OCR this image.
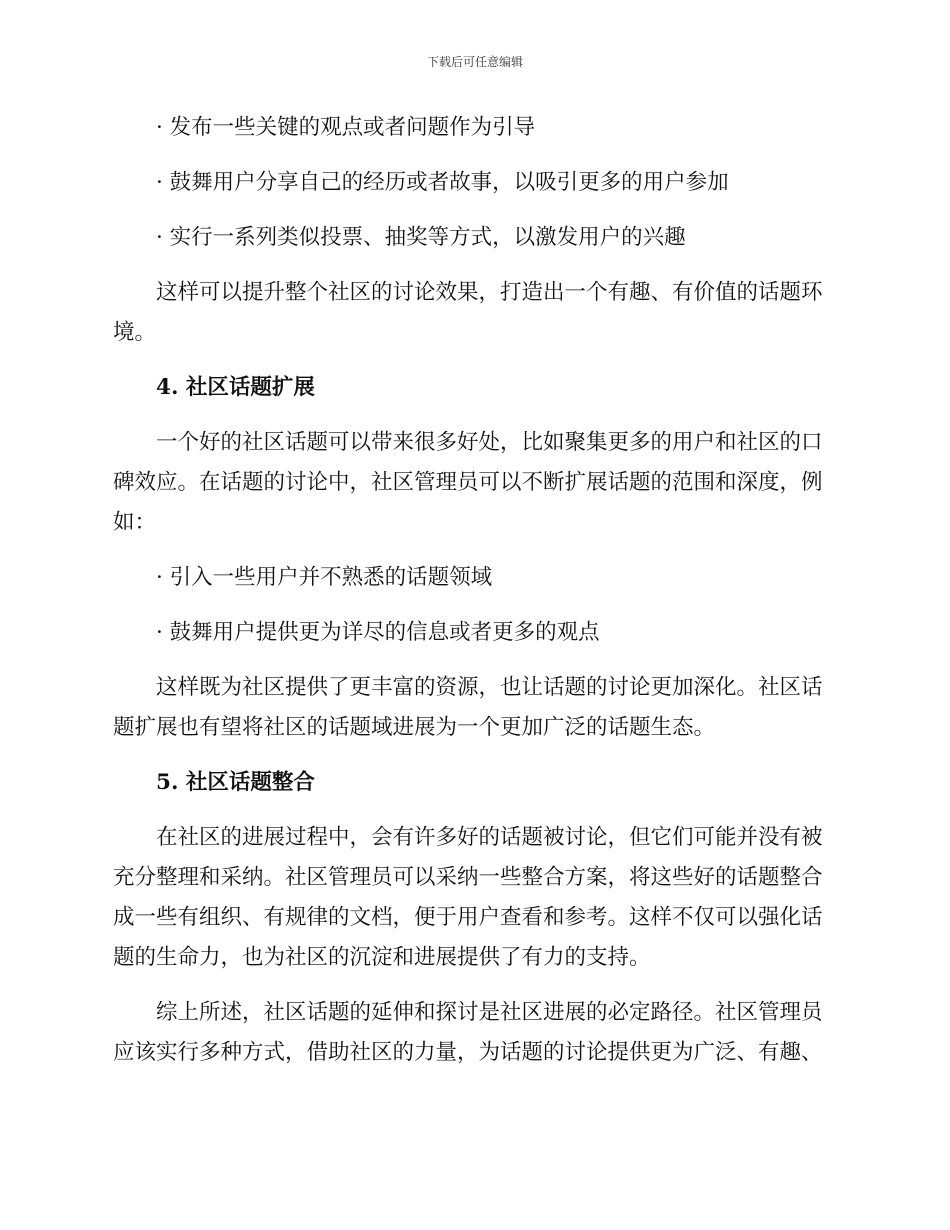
下载后可任意编辑
· 发布一些关键的观点或者问题作为引导
· 鼓舞用户分享自己的经历或者故事，以吸引更多的用户参加
· 实行一系列类似投票、抽奖等方式，以激发用户的兴趣
这样可以提升整个社区的讨论效果，打造出一个有趣、有价值的话题环
境。
4. 社区话题扩展
一个好的社区话题可以带来很多好处，比如聚集更多的用户和社区的口
碑效应。在话题的讨论中，社区管理员可以不断扩展话题的范围和深度，例
如：
· 引入一些用户并不熟悉的话题领域
· 鼓舞用户提供更为详尽的信息或者更多的观点
这样既为社区提供了更丰富的资源，也让话题的讨论更加深化。社区话
题扩展也有望将社区的话题域进展为一个更加广泛的话题生态。
5. 社区话题整合
在社区的进展过程中，会有许多好的话题被讨论，但它们可能并没有被
充分整理和采纳。社区管理员可以采纳一些整合方案，将这些好的话题整合
成一些有组织、有规律的文档，便于用户查看和参考。这样不仅可以强化话
题的生命力，也为社区的沉淀和进展提供了有力的支持。
综上所述，社区话题的延伸和探讨是社区进展的必定路径。社区管理员
应该实行多种方式，借助社区的力量，为话题的讨论提供更为广泛、有趣、
